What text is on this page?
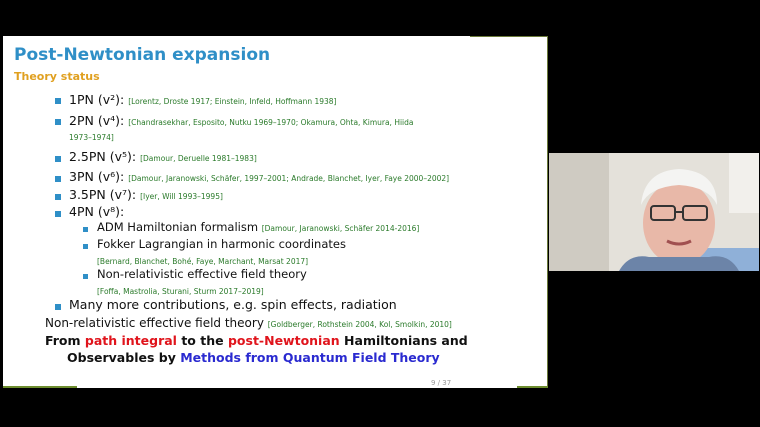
Post-Newtonian expansion
Theory status
1PN (v²): [Lorentz, Droste 1917; Einstein, Infeld, Hoffmann 1938]
2PN (v⁴): [Chandrasekhar, Esposito, Nutku 1969–1970; Okamura, Ohta, Kimura, Hiida
1973–1974]
2.5PN (v⁵): [Damour, Deruelle 1981–1983]
3PN (v⁶): [Damour, Jaranowski, Schäfer, 1997–2001; Andrade, Blanchet, Iyer, Faye 2000–2002]
3.5PN (v⁷): [Iyer, Will 1993–1995]
4PN (v⁸):
ADM Hamiltonian formalism [Damour, Jaranowski, Schäfer 2014-2016]
Fokker Lagrangian in harmonic coordinates
[Bernard, Blanchet, Bohé, Faye, Marchant, Marsat 2017]
Non-relativistic effective field theory
[Foffa, Mastrolia, Sturani, Sturm 2017–2019]
Many more contributions, e.g. spin effects, radiation
Non-relativistic effective field theory [Goldberger, Rothstein 2004, Kol, Smolkin, 2010]
From path integral to the post-Newtonian Hamiltonians and
Observables by Methods from Quantum Field Theory
9 / 37
